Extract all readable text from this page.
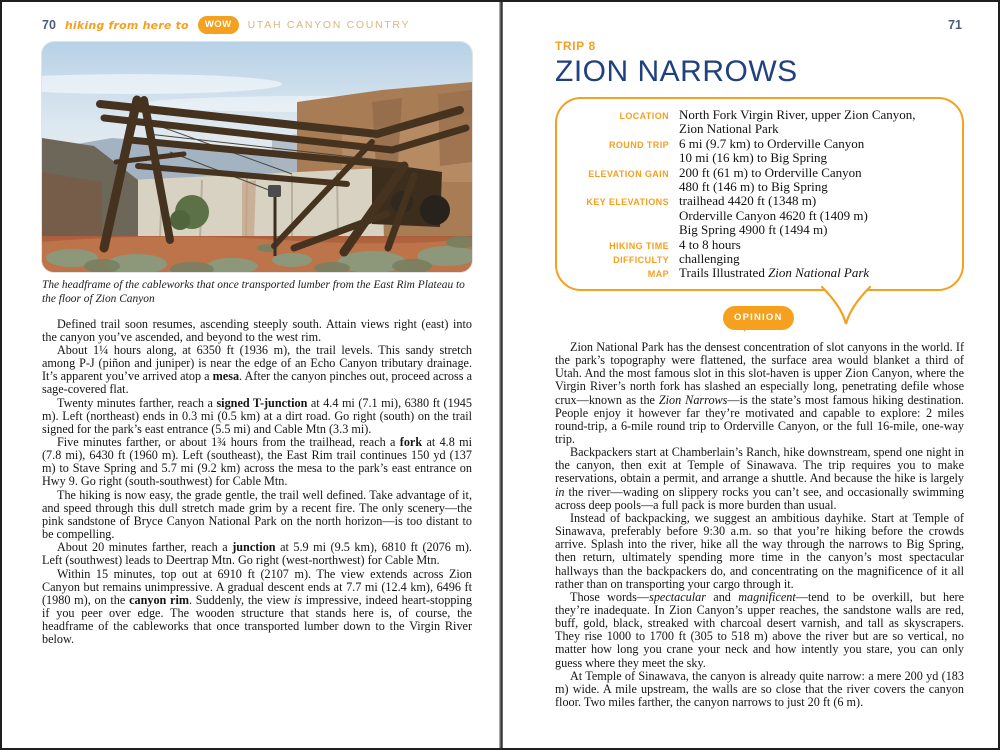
70 hiking from here to	WOW	UTAH CANYON COUNTRY

The headframe of the cableworks that once transported lumber from the East Rim Plateau to the floor of Zion Canyon

Defined trail soon resumes, ascending steeply south. Attain views right (east) into the canyon you’ve ascended, and beyond to the west rim.

About 1¼ hours along, at 6350 ft (1936 m), the trail levels. This sandy stretch among P-J (piñon and juniper) is near the edge of an Echo Canyon tributary drainage. It’s apparent you’ve arrived atop a mesa. After the canyon pinches out, proceed across a sage-covered flat.

Twenty minutes farther, reach a signed T-junction at 4.4 mi (7.1 mi), 6380 ft (1945 m). Left (northeast) ends in 0.3 mi (0.5 km) at a dirt road. Go right (south) on the trail signed for the park’s east entrance (5.5 mi) and Cable Mtn (3.3 mi).

Five minutes farther, or about 1¾ hours from the trailhead, reach a fork at 4.8 mi (7.8 mi), 6430 ft (1960 m). Left (southeast), the East Rim trail continues 150 yd (137 m) to Stave Spring and 5.7 mi (9.2 km) across the mesa to the park’s east entrance on Hwy 9. Go right (south-southwest) for Cable Mtn.

The hiking is now easy, the grade gentle, the trail well defined. Take advantage of it, and speed through this dull stretch made grim by a recent fire. The only scenery—the pink sandstone of Bryce Canyon National Park on the north horizon—is too distant to be compelling.

About 20 minutes farther, reach a junction at 5.9 mi (9.5 km), 6810 ft (2076 m). Left (southwest) leads to Deertrap Mtn. Go right (west-northwest) for Cable Mtn.

Within 15 minutes, top out at 6910 ft (2107 m). The view extends across Zion Canyon but remains unimpressive. A gradual descent ends at 7.7 mi (12.4 km), 6496 ft (1980 m), on the canyon rim. Suddenly, the view is impressive, indeed heart-stopping if you peer over edge. The wooden structure that stands here is, of course, the headframe of the cableworks that once transported lumber down to the Virgin River below.

71
TRIP 8
ZION NARROWS
LOCATION North Fork Virgin River, upper Zion Canyon,
Zion National Park
ROUND TRIP 6 mi (9.7 km) to Orderville Canyon
10 mi (16 km) to Big Spring
ELEVATION GAIN 200 ft (61 m) to Orderville Canyon
480 ft (146 m) to Big Spring
KEY ELEVATIONS trailhead 4420 ft (1348 m)
Orderville Canyon 4620 ft (1409 m)
Big Spring 4900 ft (1494 m)
HIKING TIME 4 to 8 hours
DIFFICULTY challenging
MAP Trails Illustrated Zion National Park
OPINION

Zion National Park has the densest concentration of slot canyons in the world. If the park’s topography were flattened, the surface area would blanket a third of Utah. And the most famous slot in this slot-haven is upper Zion Canyon, where the Virgin River’s north fork has slashed an especially long, penetrating defile whose crux—known as the Zion Narrows—is the state’s most famous hiking destination. People enjoy it however far they’re motivated and capable to explore: 2 miles round-trip, a 6-mile round trip to Orderville Canyon, or the full 16-mile, one-way trip.

Backpackers start at Chamberlain’s Ranch, hike downstream, spend one night in the canyon, then exit at Temple of Sinawava. The trip requires you to make reservations, obtain a permit, and arrange a shuttle. And because the hike is largely in the river—wading on slippery rocks you can’t see, and occasionally swimming across deep pools—a full pack is more burden than usual.

Instead of backpacking, we suggest an ambitious dayhike. Start at Temple of Sinawava, preferably before 9:30 a.m. so that you’re hiking before the crowds arrive. Splash into the river, hike all the way through the narrows to Big Spring, then return, ultimately spending more time in the canyon’s most spectacular hallways than the backpackers do, and concentrating on the magnificence of it all rather than on transporting your cargo through it.

Those words—spectacular and magnificent—tend to be overkill, but here they’re inadequate. In Zion Canyon’s upper reaches, the sandstone walls are red, buff, gold, black, streaked with charcoal desert varnish, and tall as skyscrapers. They rise 1000 to 1700 ft (305 to 518 m) above the river but are so vertical, no matter how long you crane your neck and how intently you stare, you can only guess where they meet the sky.

At Temple of Sinawava, the canyon is already quite narrow: a mere 200 yd (183 m) wide. A mile upstream, the walls are so close that the river covers the canyon floor. Two miles farther, the canyon narrows to just 20 ft (6 m).
